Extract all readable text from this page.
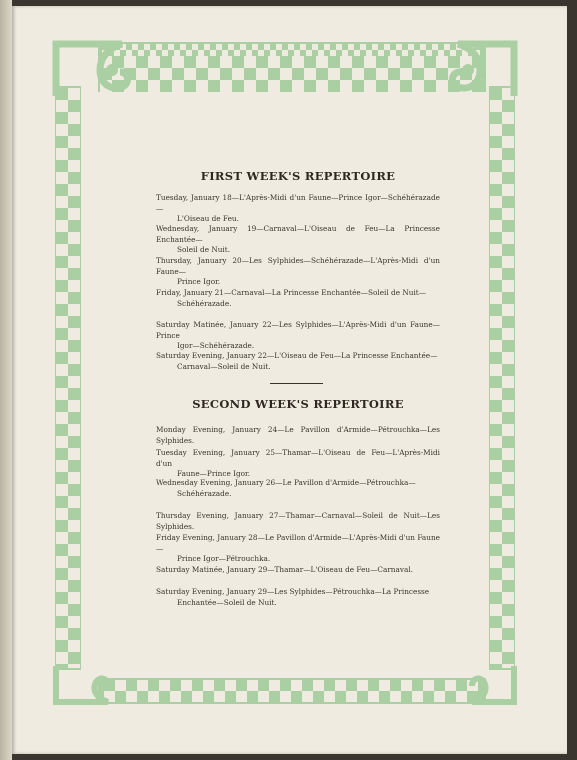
FIRST WEEK'S REPERTOIRE

Tuesday, January 18—L'Après-Midi d'un Faune—Prince Igor—Schéhérazade—
L'Oiseau de Feu.

Wednesday, January 19—Carnaval—L'Oiseau de Feu—La Princesse Enchantée—
Soleil de Nuit.

Thursday, January 20—Les Sylphides—Schéhérazade—L'Après-Midi d'un Faune—
Prince Igor.

Friday, January 21—Carnaval—La Princesse Enchantée—Soleil de Nuit—
Schéhérazade.

Saturday Matinée, January 22—Les Sylphides—L'Après-Midi d'un Faune—Prince
Igor—Schéhérazade.

Saturday Evening, January 22—L'Oiseau de Feu—La Princesse Enchantée—
Carnaval—Soleil de Nuit.

SECOND WEEK'S REPERTOIRE

Monday Evening, January 24—Le Pavillon d'Armide—Pétrouchka—Les Sylphides.

Tuesday Evening, January 25—Thamar—L'Oiseau de Feu—L'Après-Midi d'un
Faune—Prince Igor.

Wednesday Evening, January 26—Le Pavillon d'Armide—Pétrouchka—
Schéhérazade.

Thursday Evening, January 27—Thamar—Carnaval—Soleil de Nuit—Les Sylphides.

Friday Evening, January 28—Le Pavillon d'Armide—L'Après-Midi d'un Faune—
Prince Igor—Pétrouchka.

Saturday Matinée, January 29—Thamar—L'Oiseau de Feu—Carnaval.

Saturday Evening, January 29—Les Sylphides—Pétrouchka—La Princesse
Enchantée—Soleil de Nuit.
